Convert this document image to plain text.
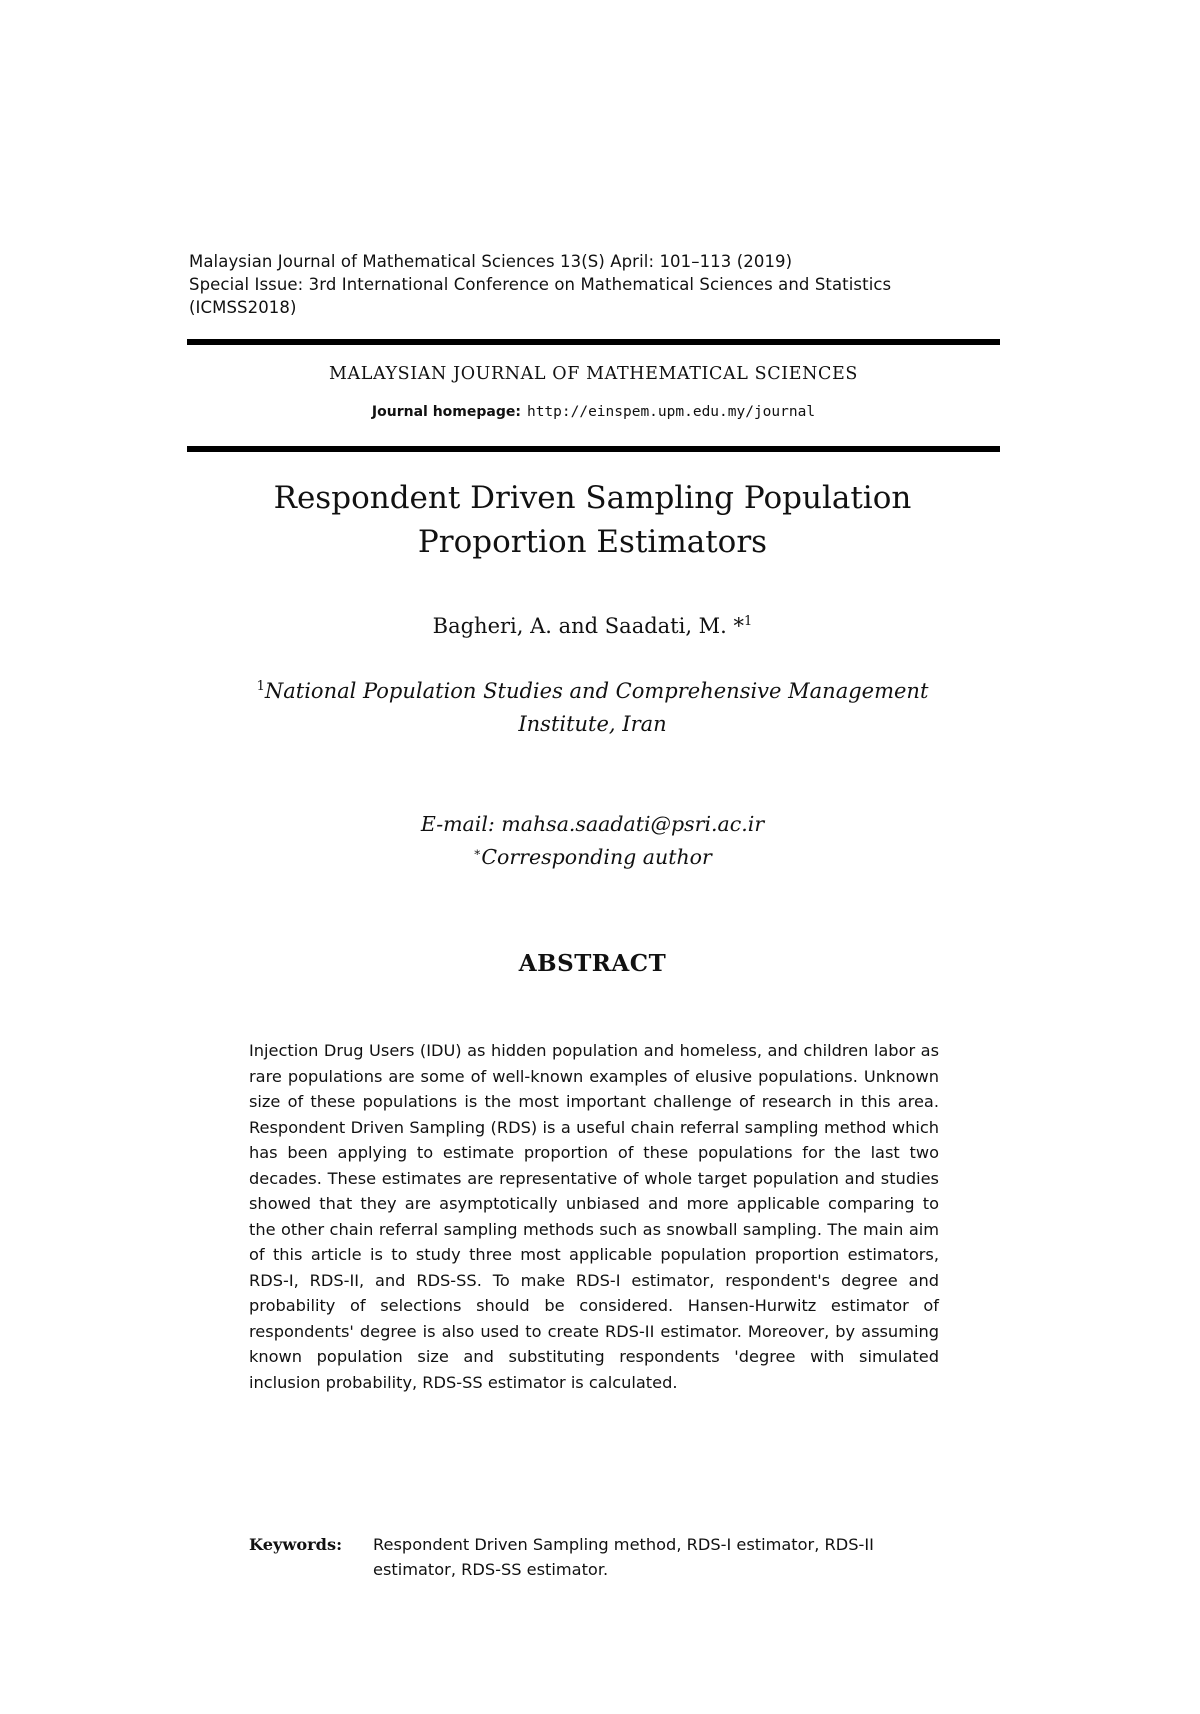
Malaysian Journal of Mathematical Sciences 13(S) April: 101–113 (2019)
Special Issue: 3rd International Conference on Mathematical Sciences and Statistics
(ICMSS2018)
MALAYSIAN JOURNAL OF MATHEMATICAL SCIENCES
Journal homepage: http://einspem.upm.edu.my/journal
Respondent Driven Sampling Population
Proportion Estimators
Bagheri, A. and Saadati, M. *$^1$
$^1$National Population Studies and Comprehensive Management
Institute, Iran
E-mail: mahsa.saadati@psri.ac.ir
∗Corresponding author
ABSTRACT
Injection Drug Users (IDU) as hidden population and homeless, and children labor as rare populations are some of well-known examples of elusive populations. Unknown size of these populations is the most important challenge of research in this area. Respondent Driven Sampling (RDS) is a useful chain referral sampling method which has been applying to estimate proportion of these populations for the last two decades. These estimates are representative of whole target population and studies showed that they are asymptotically unbiased and more applicable comparing to the other chain referral sampling methods such as snowball sampling. The main aim of this article is to study three most applicable population proportion estimators, RDS-I, RDS-II, and RDS-SS. To make RDS-I estimator, respondent's degree and probability of selections should be considered. Hansen-Hurwitz estimator of respondents' degree is also used to create RDS-II estimator. Moreover, by assuming known population size and substituting respondents 'degree with simulated inclusion probability, RDS-SS estimator is calculated.
Keywords:	Respondent Driven Sampling method, RDS-I estimator, RDS-II estimator, RDS-SS estimator.
